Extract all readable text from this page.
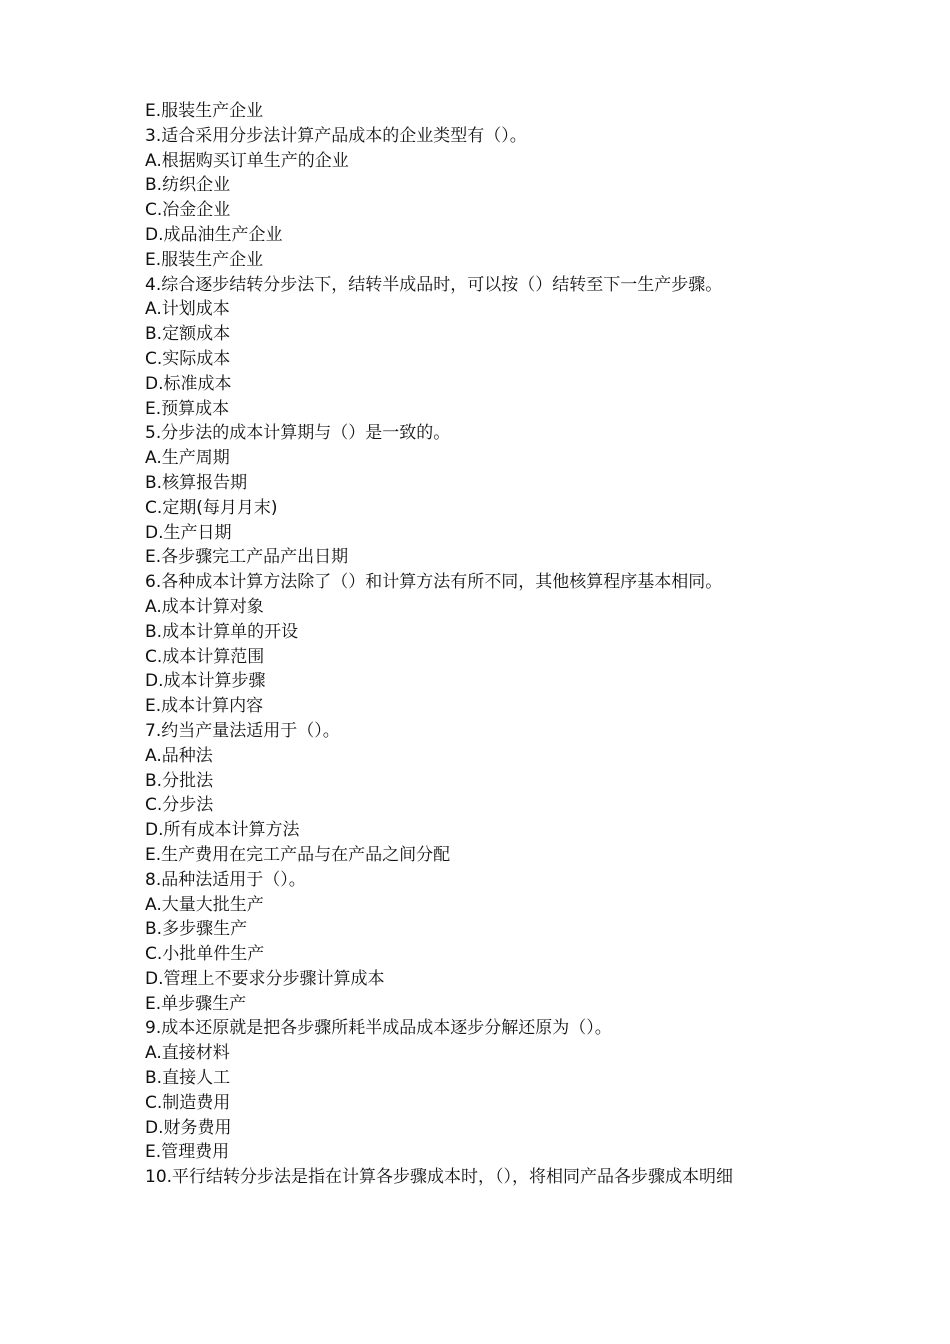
E.服装生产企业

3.适合采用分步法计算产品成本的企业类型有（）。

A.根据购买订单生产的企业

B.纺织企业

C.冶金企业

D.成品油生产企业

E.服装生产企业

4.综合逐步结转分步法下，结转半成品时，可以按（）结转至下一生产步骤。

A.计划成本

B.定额成本

C.实际成本

D.标准成本

E.预算成本

5.分步法的成本计算期与（）是一致的。

A.生产周期

B.核算报告期

C.定期(每月月末)

D.生产日期

E.各步骤完工产品产出日期

6.各种成本计算方法除了（）和计算方法有所不同，其他核算程序基本相同。

A.成本计算对象

B.成本计算单的开设

C.成本计算范围

D.成本计算步骤

E.成本计算内容

7.约当产量法适用于（）。

A.品种法

B.分批法

C.分步法

D.所有成本计算方法

E.生产费用在完工产品与在产品之间分配

8.品种法适用于（）。

A.大量大批生产

B.多步骤生产

C.小批单件生产

D.管理上不要求分步骤计算成本

E.单步骤生产

9.成本还原就是把各步骤所耗半成品成本逐步分解还原为（）。

A.直接材料

B.直接人工

C.制造费用

D.财务费用

E.管理费用

10.平行结转分步法是指在计算各步骤成本时，（），将相同产品各步骤成本明细
